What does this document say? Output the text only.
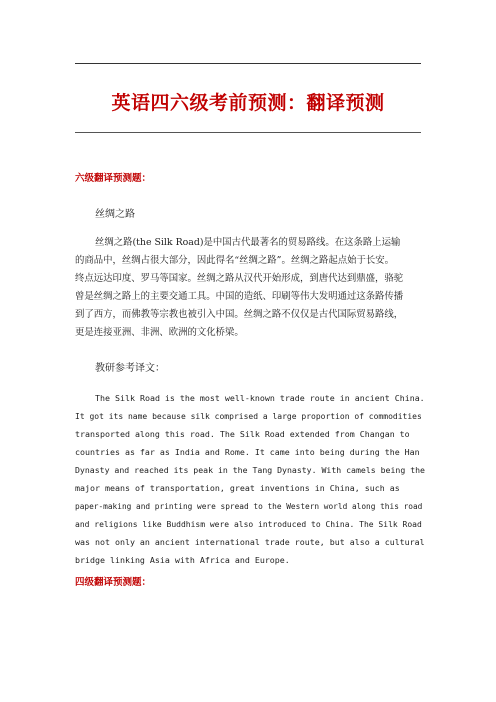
英语四六级考前预测：翻译预测
六级翻译预测题：
丝绸之路
丝绸之路(the Silk Road)是中国古代最著名的贸易路线。在这条路上运输
的商品中，丝绸占很大部分，因此得名“丝绸之路”。丝绸之路起点始于长安。
终点远达印度、罗马等国家。丝绸之路从汉代开始形成，到唐代达到鼎盛，骆驼
曾是丝绸之路上的主要交通工具。中国的造纸、印刷等伟大发明通过这条路传播
到了西方，而佛教等宗教也被引入中国。丝绸之路不仅仅是古代国际贸易路线，
更是连接亚洲、非洲、欧洲的文化桥梁。
教研参考译文：
The Silk Road is the most well-known trade route in ancient China.
It got its name because silk comprised a large proportion of commodities
transported along this road. The Silk Road extended from Changan to
countries as far as India and Rome. It came into being during the Han
Dynasty and reached its peak in the Tang Dynasty. With camels being the
major means of transportation, great inventions in China, such as
paper-making and printing were spread to the Western world along this road
and religions like Buddhism were also introduced to China. The Silk Road
was not only an ancient international trade route, but also a cultural
bridge linking Asia with Africa and Europe.
四级翻译预测题：
